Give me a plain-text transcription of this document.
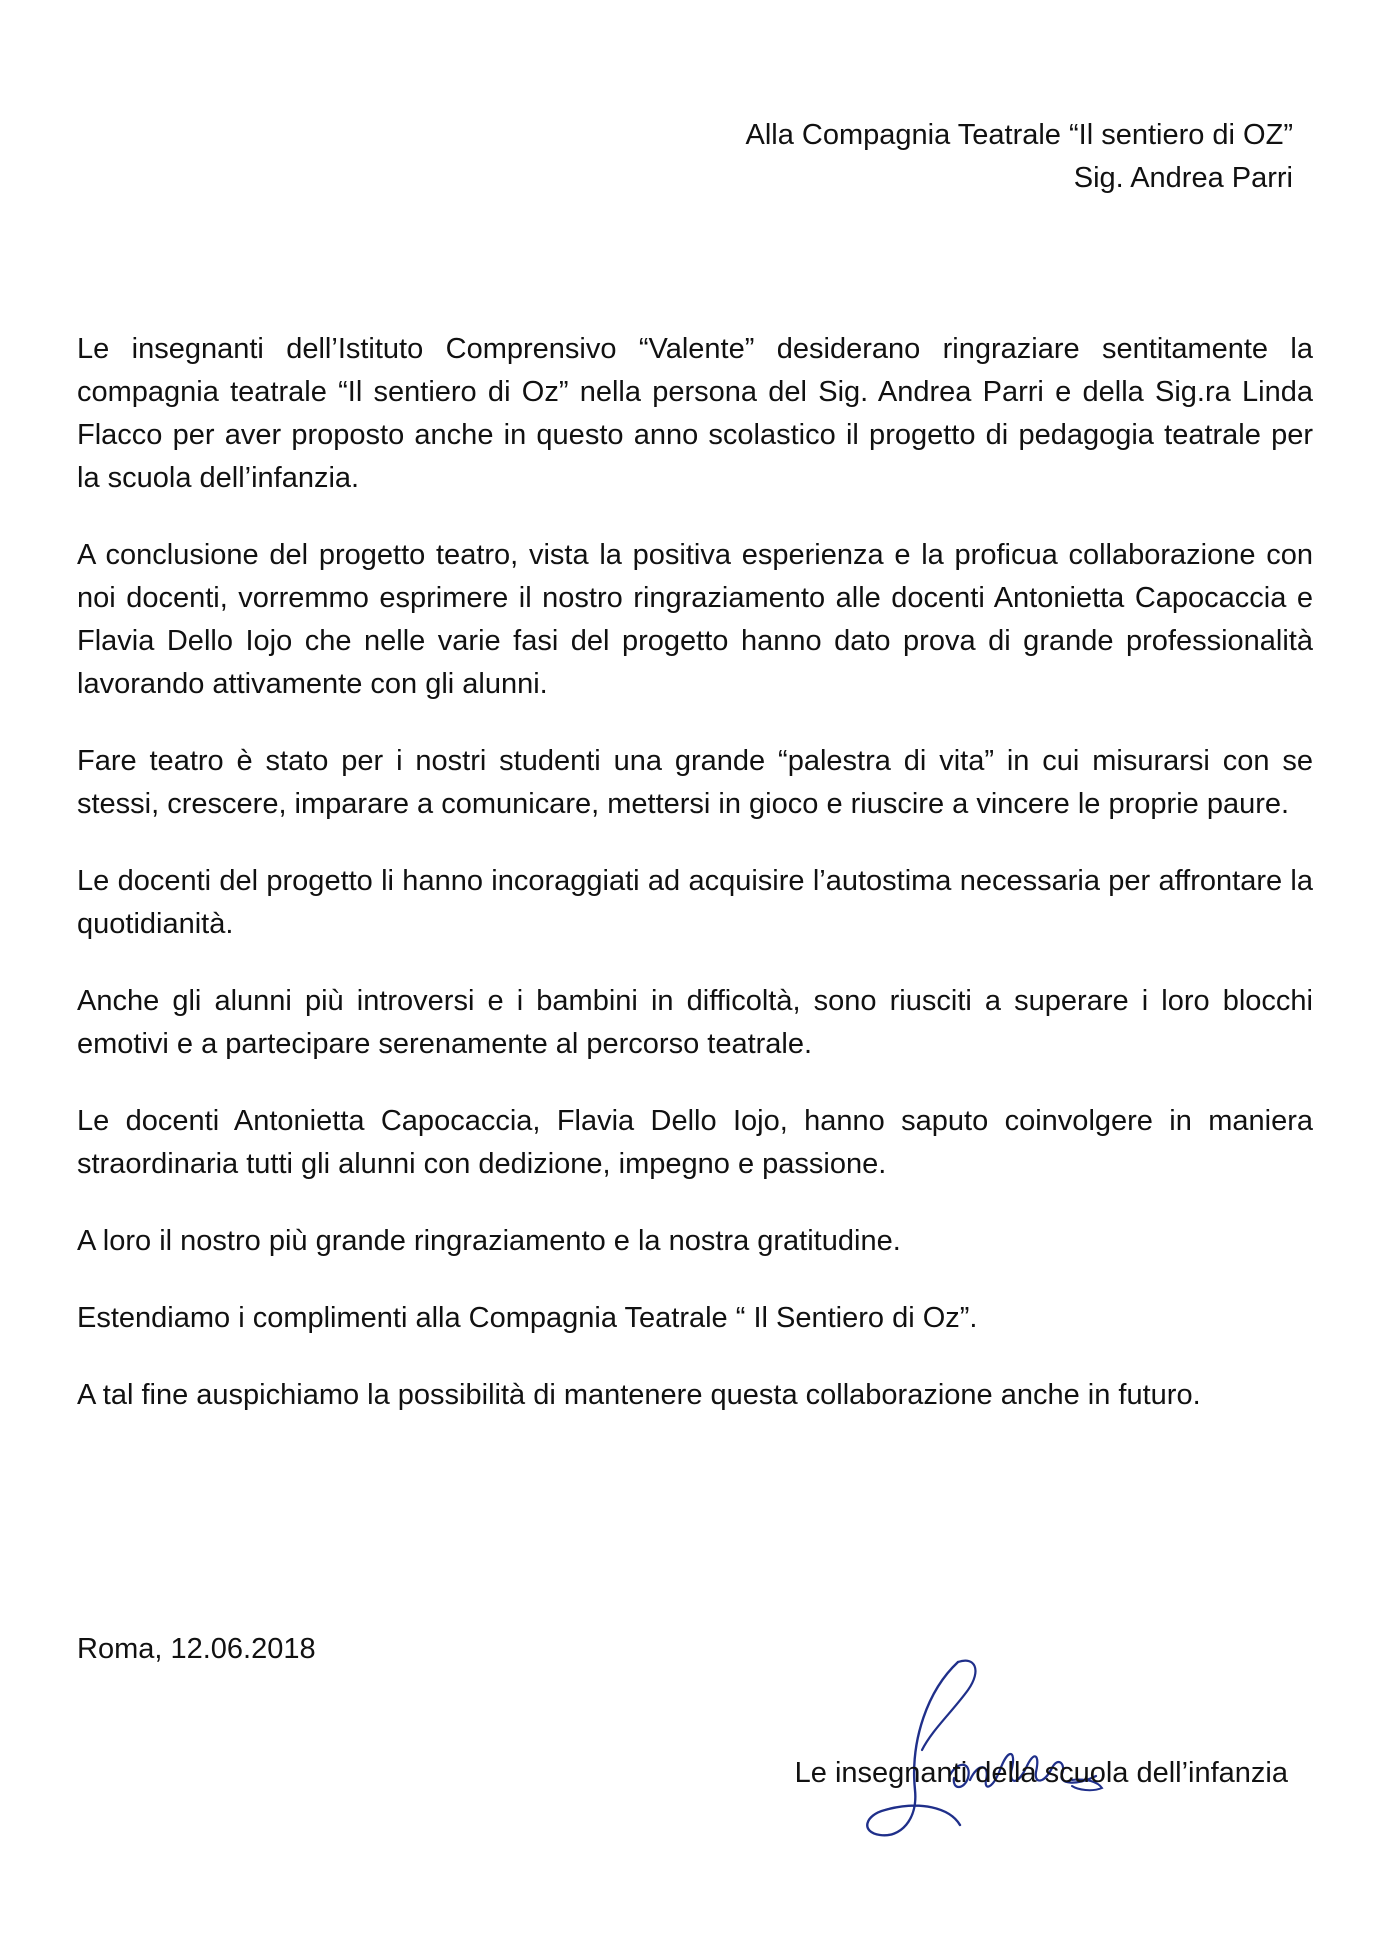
Alla Compagnia Teatrale “Il sentiero di OZ”
Sig. Andrea Parri

Le insegnanti dell’Istituto Comprensivo “Valente” desiderano ringraziare sentitamente la compagnia teatrale “Il sentiero di Oz” nella persona del Sig. Andrea Parri e della Sig.ra Linda Flacco per aver proposto anche in questo anno scolastico il progetto di pedagogia teatrale per la scuola dell’infanzia.

A conclusione del progetto teatro, vista la positiva esperienza e la proficua collaborazione con noi docenti, vorremmo esprimere il nostro ringraziamento alle docenti Antonietta Capocaccia e Flavia Dello Iojo che nelle varie fasi del progetto hanno dato prova di grande professionalità lavorando attivamente con gli alunni.

Fare teatro è stato per i nostri studenti una grande “palestra di vita” in cui misurarsi con se stessi, crescere, imparare a comunicare, mettersi in gioco e riuscire a vincere le proprie paure.

Le docenti del progetto li hanno incoraggiati ad acquisire l’autostima necessaria per affrontare la quotidianità.

Anche gli alunni più introversi e i bambini in difficoltà, sono riusciti a superare i loro blocchi emotivi e a partecipare serenamente al percorso teatrale.

Le docenti Antonietta Capocaccia, Flavia Dello Iojo, hanno saputo coinvolgere in maniera straordinaria tutti gli alunni con dedizione, impegno e passione.

A loro il nostro più grande ringraziamento e la nostra gratitudine.

Estendiamo i complimenti alla Compagnia Teatrale “ Il Sentiero di Oz”.

A tal fine auspichiamo la possibilità di mantenere questa collaborazione anche in futuro.

Roma, 12.06.2018
Le insegnanti della scuola dell’infanzia
